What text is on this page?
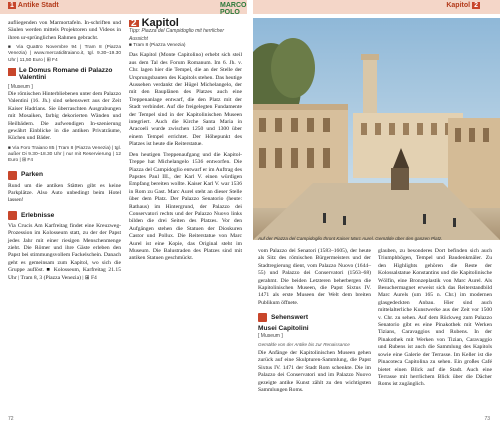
1 Antike Stadt	MARCO POLO
Kapitol 2

aufliegenden von Marmortafeln. In-schriften und Säulen werden mittels Projektoren und Videos in ihren ur-sprünglichen Rahmen gebracht.

■ Via Quattro Novembre 94 | Tram 8 (Piazza Venezia) | www.mercatiditraiano.it, tgl. 9.30–19.30 Uhr | 11,50 Euro | ⊞ F4

Le Domus Romane di Palazzo Valentini
[ Museum ]

Die römischen Hinterbliebenen unter dem Palazzo Valentini (16. Jh.) sind sehenswert aus der Zeit Kaiser Hadrians. Sie überraschten Ausgrabungen mit Mosaiken, farbig dekorierten Wänden und Heilbädern. Die aufwendigen In-szenierung gewährt Einblicke in die antiken Privaträume, Küchen und Bäder.

■ Via Foro Traiano 85 | Tram 8 (Piazza Venezia) | tgl. außer Di 9.30–18.30 Uhr | nur mit Reservierung | 12 Euro | ⊞ F4

Parken

Rund um die antiken Stätten gibt es keine Parkplätze. Also Auto unbedingt beim Hotel lassen!

Erlebnisse

Via Crucis Am Karfreitag findet eine Kreuzweg-Prozession im Kolosseum statt, zu der der Papst jedes Jahr mit einer riesigen Menschenmenge zieht. Die Römer und ihre Gäste erleben den Papst bei stimmungsvollem Fackelschein. Danach geht es gemeinsam zum Kapitol, wo sich die Gruppe auflöst. ■ Kolosseum, Karfreitag 21.15 Uhr | Tram 8, 3 (Piazza Venezia) | ⊞ F4

2 Kapitol
Tipp: Piazza del Campidoglio mit herrlicher Aussicht

■ Tram 8 (Piazza Venezia)

Das Kapitol (Monte Capitolino) erhebt sich steil aus dem Tal des Forum Romanum. Im 6. Jh. v. Chr. lagen hier die Tempel, die an der Stelle der Ursprungsbauten des Kapitols stehen. Das heutige Aussehen verdankt der Hügel Michelangelo, der mit den Bauplänen des Platzes auch eine Treppenanlage entwarf, die den Platz mit der Stadt verbindet. Auf die freigelegten Fundamente der Tempel sind in der Kapitolinischen Museen integriert. Auch die Kirche Santa Maria in Aracoeli wurde zwischen 1250 und 1300 über einem Tempel errichtet. Der Höhepunkt des Platzes ist heute die Reiterstatue.

Den heutigen Treppenaufgang und die Kapitol-Treppe hat Michelangelo 1536 entworfen. Die Piazza del Campidoglio entwarf er im Auftrag des Papstes Paul III., der Karl V. einen würdigen Empfang bereiten wollte. Kaiser Karl V. war 1536 in Rom zu Gast. Marc Aurel steht an dieser Stelle über dem Platz. Der Palazzo Senatorio (heute: Rathaus) im Hintergrund, der Palazzo dei Conservatori rechts und der Palazzo Nuovo links bilden die drei Seiten des Platzes. Vor den Aufgängen stehen die Statuen der Dioskuren Castor und Pollux. Die Reiterstatue von Marc Aurel ist eine Kopie, das Original steht im Museum. Die Balustraden des Platzes sind mit antiken Statuen geschmückt.

Auf der Piazza del Campidoglio thront Kaiser Marc Aurel. Gemälde über den ganzen Platz.

vom Palazzo dei Senatori (1583–1605), der heute als Sitz des römischen Bürgermeisters und der Stadtregierung dient, vom Palazzo Nuovo (1644–55) und Palazzo dei Conservatori (1563–68) gerahmt. Die beiden Letzteren beherbergen die Kapitolinischen Museen, die Papst Sixtus IV. 1471 als erste Museen der Welt dem breiten Publikum öffnete.

Sehenswert
Musei Capitolini
[ Museum ]
Gemälde von der Antike bis zur Renaissance

Die Anfänge der Kapitolinischen Museen gehen zurück auf eine Skulpturen-Sammlung, die Papst Sixtus IV. 1471 der Stadt Rom schenkte. Die im Palazzo dei Conservatori und im Palazzo Nuovo gezeigte antike Kunst zählt zu den wichtigsten Sammlungen Roms.

glauben, zu besonderes Dort befinden sich auch Triumphbögen, Tempel und Baudenkmäler. Zu den Highlights gehören die Reste der Kolossalstatue Konstantins und die Kapitolinische Wölfin, eine Bronzeplastik von Marc Aurel. Als Besuchermagnet erweist sich das Reiterstandbild Marc Aurels (um 165 n. Chr.) im modernen glasgedeckten Anbau. Hier sind auch mittelalterliche Kunstwerke aus der Zeit vor 1500 v. Chr. zu sehen. Auf dem Rückweg zum Palazzo Senatorio gibt es eine Pinakothek mit Werken Tizians, Caravaggios und Rubens. In der Pinakothek mit Werken von Tizian, Caravaggio und Rubens ist auch die Sammlung des Kapitols sowie eine Galerie der Terrasse. Im Keller ist die Pinacoteca Capitolina zu sehen. Ein großes Café bietet einen Blick auf die Stadt. Auch eine Terrasse mit herrlichem Blick über die Dächer Roms ist zugänglich.

72	73
